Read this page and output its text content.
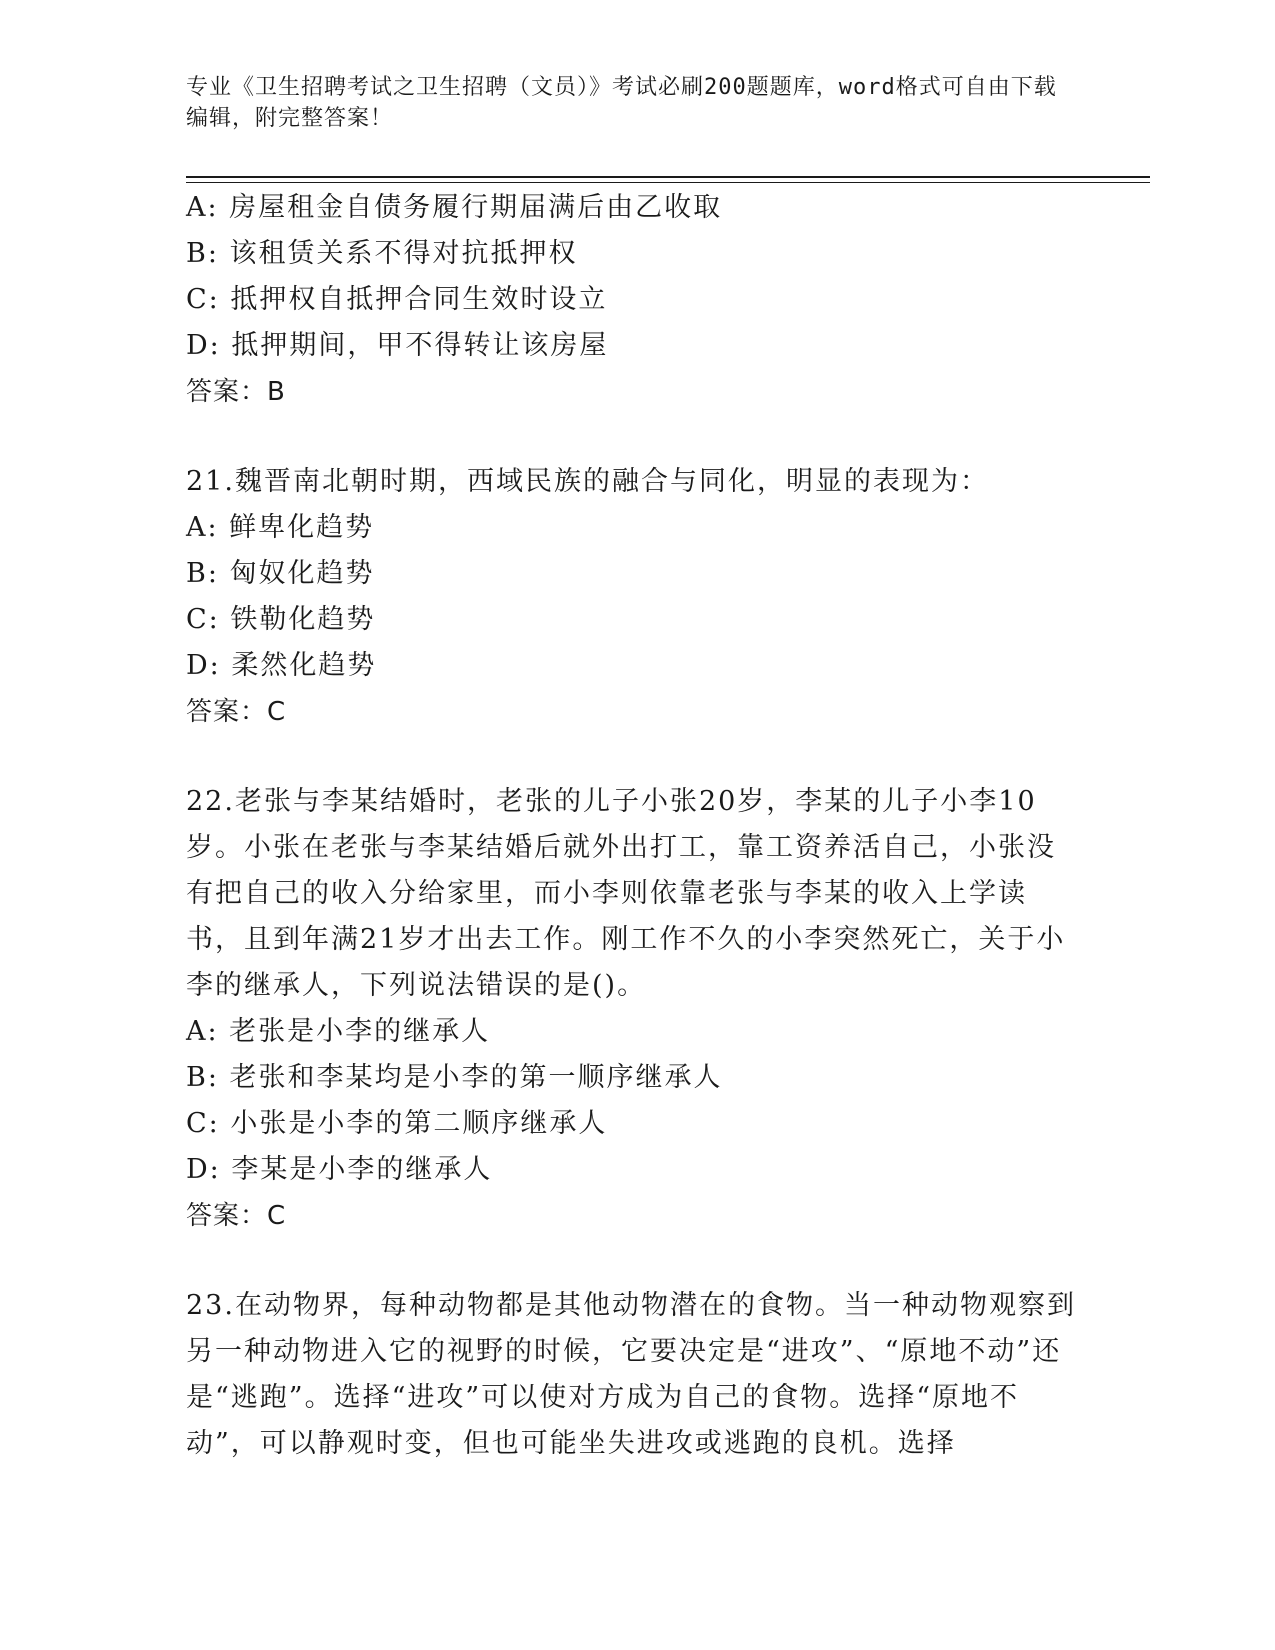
专业《卫生招聘考试之卫生招聘（文员）》考试必刷200题题库，word格式可自由下载编辑，附完整答案！
A: 房屋租金自债务履行期届满后由乙收取
B: 该租赁关系不得对抗抵押权
C: 抵押权自抵押合同生效时设立
D: 抵押期间，甲不得转让该房屋
答案：B
21.魏晋南北朝时期，西域民族的融合与同化，明显的表现为：
A: 鲜卑化趋势
B: 匈奴化趋势
C: 铁勒化趋势
D: 柔然化趋势
答案：C
22.老张与李某结婚时，老张的儿子小张20岁，李某的儿子小李10岁。小张在老张与李某结婚后就外出打工，靠工资养活自己，小张没有把自己的收入分给家里，而小李则依靠老张与李某的收入上学读书，且到年满21岁才出去工作。刚工作不久的小李突然死亡，关于小李的继承人，下列说法错误的是()。
A: 老张是小李的继承人
B: 老张和李某均是小李的第一顺序继承人
C: 小张是小李的第二顺序继承人
D: 李某是小李的继承人
答案：C
23.在动物界，每种动物都是其他动物潜在的食物。当一种动物观察到另一种动物进入它的视野的时候，它要决定是“进攻”、“原地不动”还是“逃跑”。选择“进攻”可以使对方成为自己的食物。选择“原地不动”，可以静观时变，但也可能坐失进攻或逃跑的良机。选择
